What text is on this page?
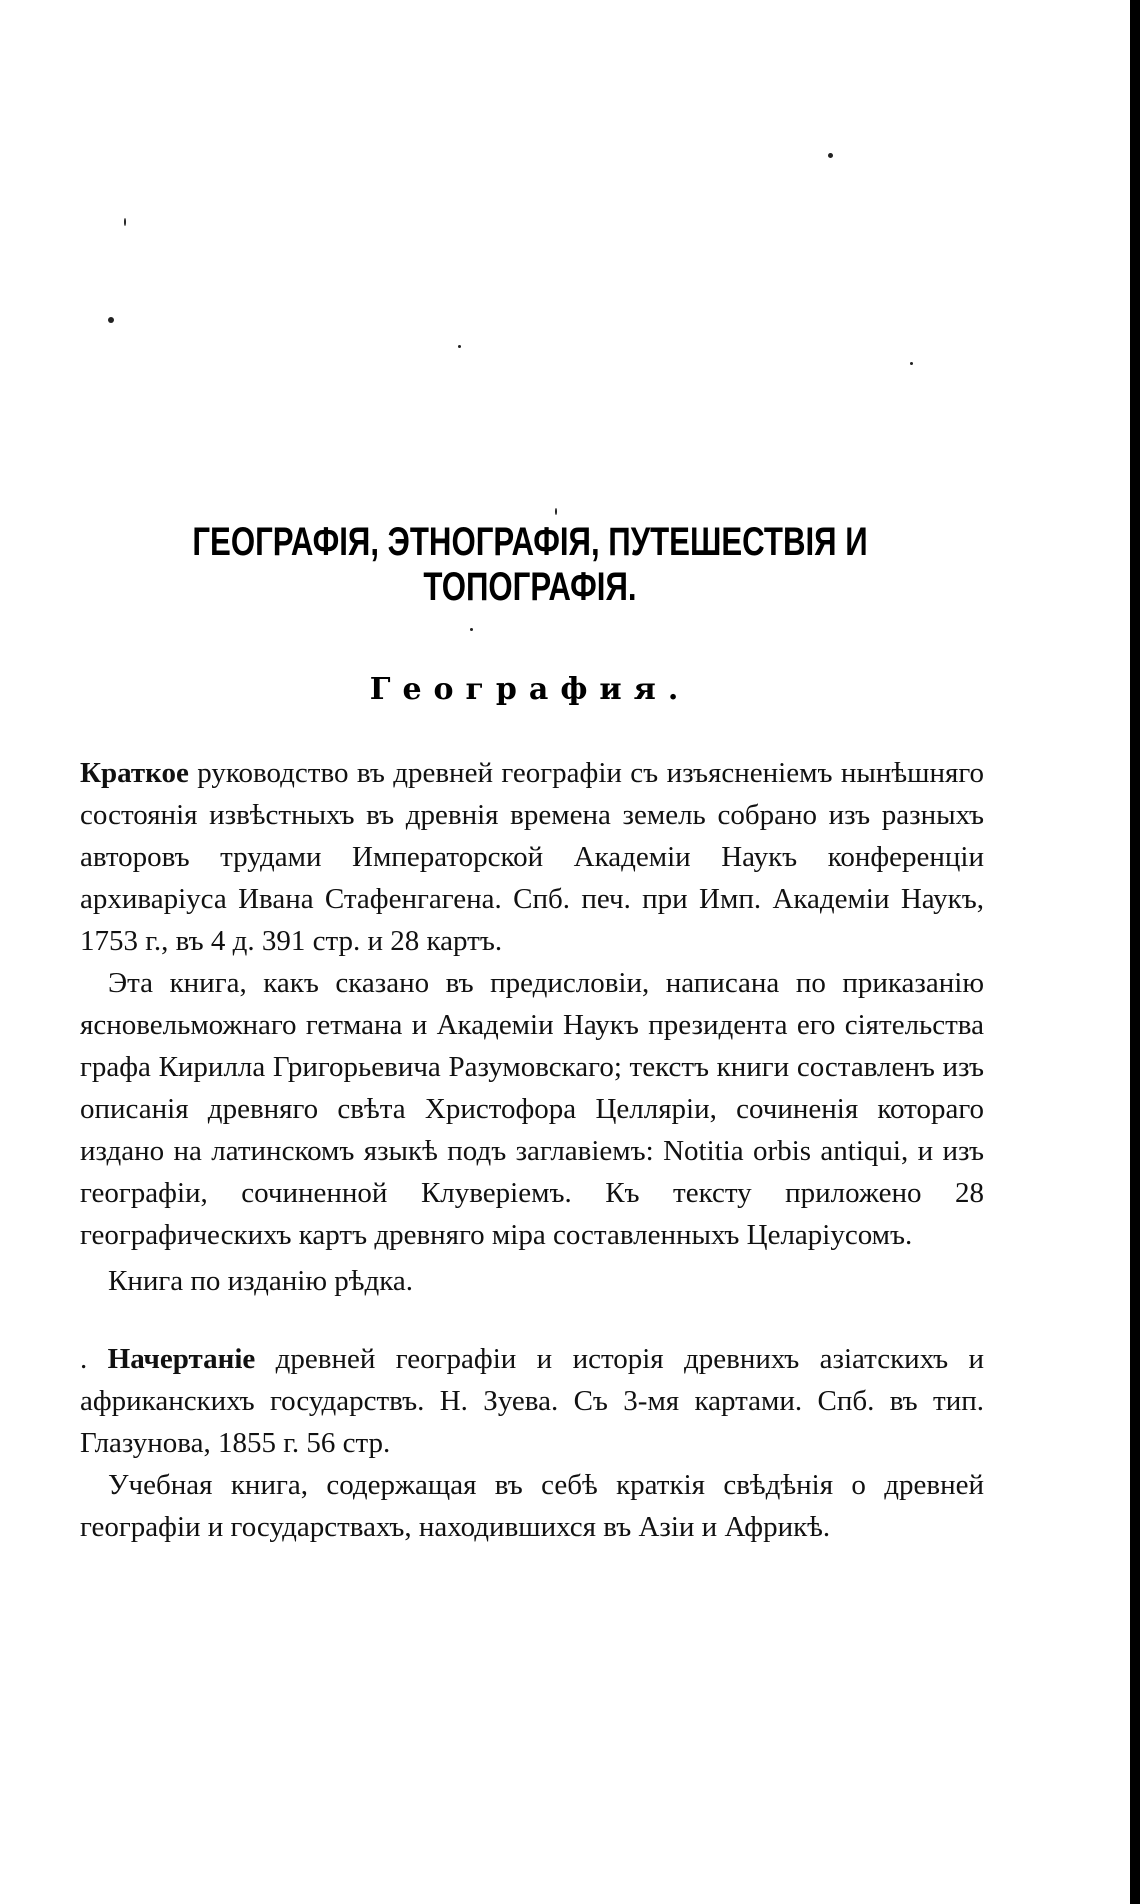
ГЕОГРАФІЯ, ЭТНОГРАФІЯ, ПУТЕШЕСТВІЯ И ТОПОГРАФІЯ.
География.

Краткое руководство въ древней географіи съ изъясненіемъ нынѣшняго состоянія извѣстныхъ въ древнія времена земель собрано изъ разныхъ авторовъ трудами Императорской Академіи Наукъ конференціи архиваріуса Ивана Стафенгагена. Спб. печ. при Имп. Академіи Наукъ, 1753 г., въ 4 д. 391 стр. и 28 картъ.

Эта книга, какъ сказано въ предисловіи, написана по приказанію ясновельможнаго гетмана и Академіи Наукъ президента его сіятельства графа Кирилла Григорьевича Разумовскаго; текстъ книги составленъ изъ описанія древняго свѣта Христофора Целляріи, сочиненія котораго издано на латинскомъ языкѣ подъ заглавіемъ: Notitia orbis antiqui, и изъ географіи, сочиненной Клуверіемъ. Къ тексту приложено 28 географическихъ картъ древняго міра составленныхъ Целаріусомъ.

Книга по изданію рѣдка.

. Начертаніе древней географіи и исторія древнихъ азіатскихъ и африканскихъ государствъ. Н. Зуева. Съ 3-мя картами. Спб. въ тип. Глазунова, 1855 г. 56 стр.

Учебная книга, содержащая въ себѣ краткія свѣдѣнія о древней географіи и государствахъ, находившихся въ Азіи и Африкѣ.
